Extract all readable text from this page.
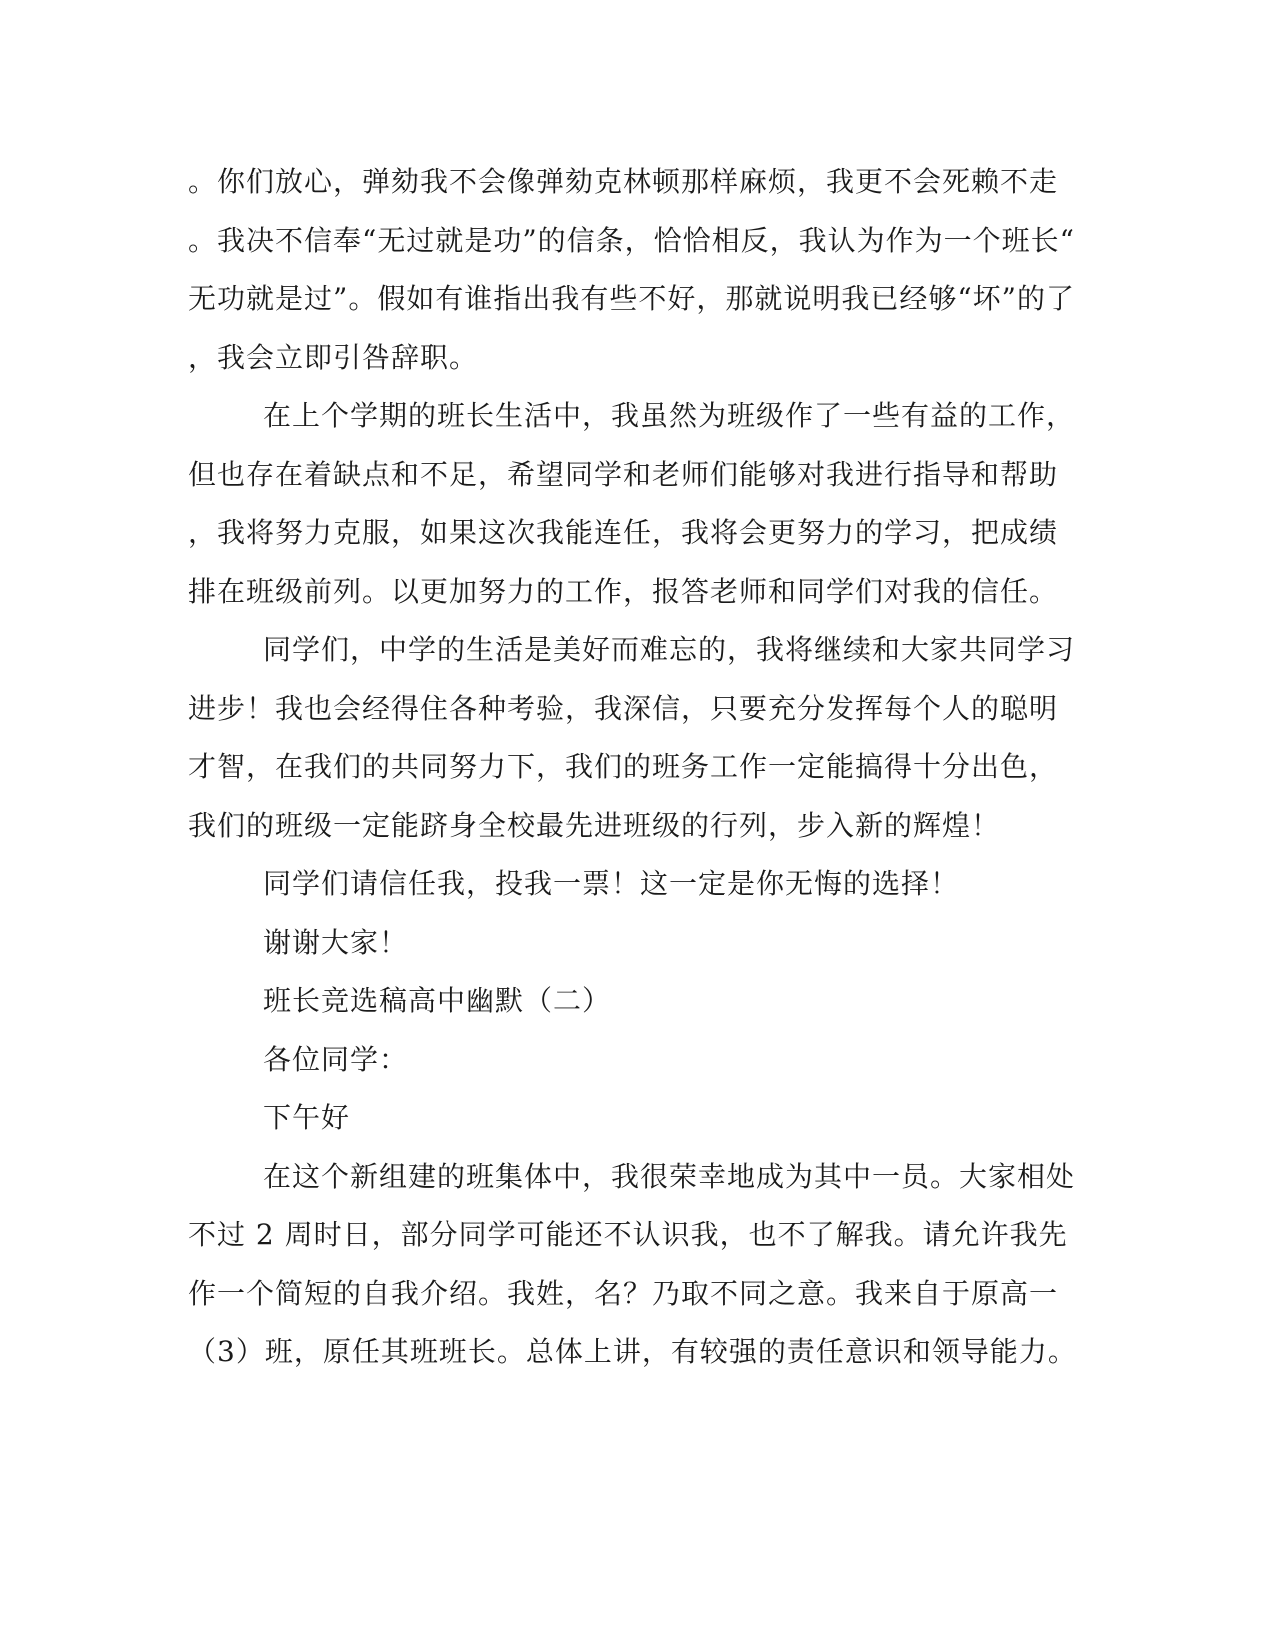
。你们放心，弹劾我不会像弹劾克林顿那样麻烦，我更不会死赖不走
。我决不信奉“无过就是功”的信条，恰恰相反，我认为作为一个班长“
无功就是过”。假如有谁指出我有些不好，那就说明我已经够“坏”的了
，我会立即引咎辞职。
在上个学期的班长生活中，我虽然为班级作了一些有益的工作，
但也存在着缺点和不足，希望同学和老师们能够对我进行指导和帮助
，我将努力克服，如果这次我能连任，我将会更努力的学习，把成绩
排在班级前列。以更加努力的工作，报答老师和同学们对我的信任。
同学们，中学的生活是美好而难忘的，我将继续和大家共同学习
进步！我也会经得住各种考验，我深信，只要充分发挥每个人的聪明
才智，在我们的共同努力下，我们的班务工作一定能搞得十分出色，
我们的班级一定能跻身全校最先进班级的行列，步入新的辉煌！
同学们请信任我，投我一票！这一定是你无悔的选择！
谢谢大家！
班长竞选稿高中幽默（二）
各位同学：
下午好
在这个新组建的班集体中，我很荣幸地成为其中一员。大家相处
不过 2 周时日，部分同学可能还不认识我，也不了解我。请允许我先
作一个简短的自我介绍。我姓，名？乃取不同之意。我来自于原高一
（3）班，原任其班班长。总体上讲，有较强的责任意识和领导能力。
